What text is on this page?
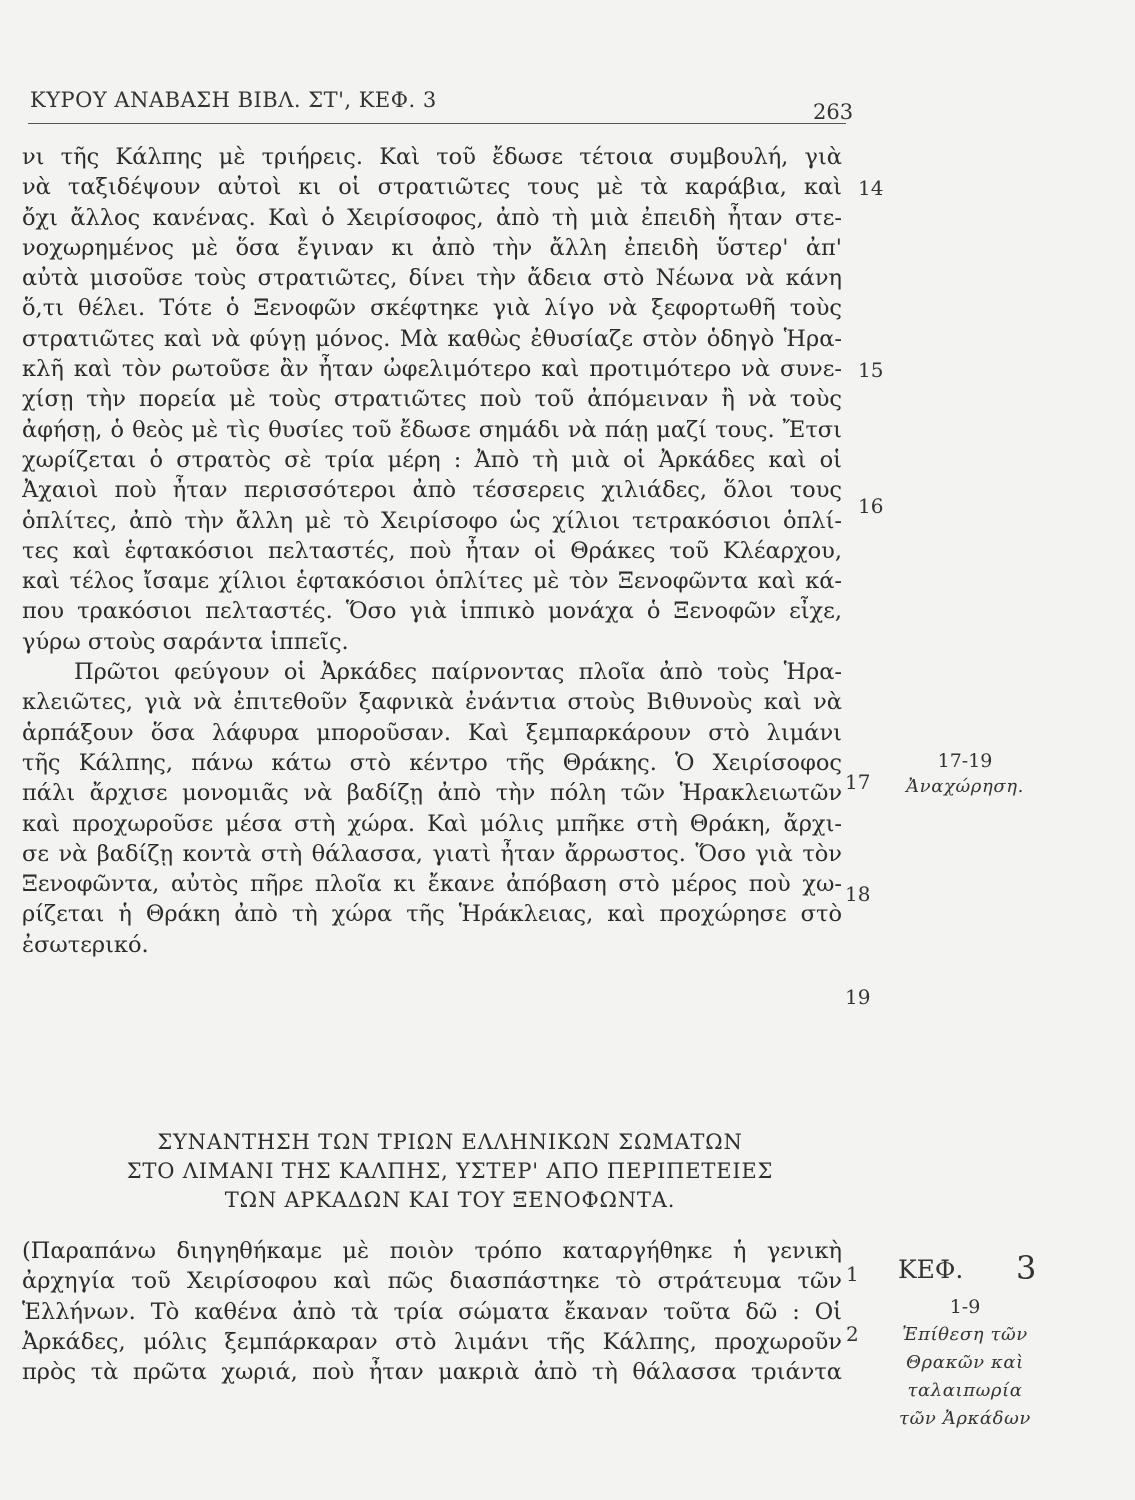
ΚΥΡΟΥ ΑΝΑΒΑΣΗ ΒΙΒΛ. ΣΤ', ΚΕΦ. 3	263
νι τῆς Κάλπης μὲ τριήρεις. Καὶ τοῦ ἔδωσε τέτοια συμβουλή, γιὰ
νὰ ταξιδέψουν αὐτοὶ κι οἱ στρατιῶτες τους μὲ τὰ καράβια, καὶ
ὄχι ἄλλος κανένας. Καὶ ὁ Χειρίσοφος, ἀπὸ τὴ μιὰ ἐπειδὴ ἦταν στε-
νοχωρημένος μὲ ὅσα ἔγιναν κι ἀπὸ τὴν ἄλλη ἐπειδὴ ὕστερ' ἀπ'
αὐτὰ μισοῦσε τοὺς στρατιῶτες, δίνει τὴν ἄδεια στὸ Νέωνα νὰ κάνη
ὅ,τι θέλει. Τότε ὁ Ξενοφῶν σκέφτηκε γιὰ λίγο νὰ ξεφορτωθῆ τοὺς
στρατιῶτες καὶ νὰ φύγῃ μόνος. Μὰ καθὼς ἐθυσίαζε στὸν ὁδηγὸ Ἡρα-
κλῆ καὶ τὸν ρωτοῦσε ἂν ἦταν ὠφελιμότερο καὶ προτιμότερο νὰ συνε-
χίσῃ τὴν πορεία μὲ τοὺς στρατιῶτες ποὺ τοῦ ἀπόμειναν ἢ νὰ τοὺς
ἀφήσῃ, ὁ θεὸς μὲ τὶς θυσίες τοῦ ἔδωσε σημάδι νὰ πάῃ μαζί τους. Ἔτσι
χωρίζεται ὁ στρατὸς σὲ τρία μέρη : Ἀπὸ τὴ μιὰ οἱ Ἀρκάδες καὶ οἱ
Ἀχαιοὶ ποὺ ἦταν περισσότεροι ἀπὸ τέσσερεις χιλιάδες, ὅλοι τους
ὁπλίτες, ἀπὸ τὴν ἄλλη μὲ τὸ Χειρίσοφο ὡς χίλιοι τετρακόσιοι ὁπλί-
τες καὶ ἑφτακόσιοι πελταστές, ποὺ ἦταν οἱ Θράκες τοῦ Κλέαρχου,
καὶ τέλος ἴσαμε χίλιοι ἑφτακόσιοι ὁπλίτες μὲ τὸν Ξενοφῶντα καὶ κά-
που τρακόσιοι πελταστές. Ὅσο γιὰ ἱππικὸ μονάχα ὁ Ξενοφῶν εἶχε,
γύρω στοὺς σαράντα ἱππεῖς.
Πρῶτοι φεύγουν οἱ Ἀρκάδες παίρνοντας πλοῖα ἀπὸ τοὺς Ἡρα-
κλειῶτες, γιὰ νὰ ἐπιτεθοῦν ξαφνικὰ ἐνάντια στοὺς Βιθυνοὺς καὶ νὰ
ἁρπάξουν ὅσα λάφυρα μποροῦσαν. Καὶ ξεμπαρκάρουν στὸ λιμάνι
τῆς Κάλπης, πάνω κάτω στὸ κέντρο τῆς Θράκης. Ὁ Χειρίσοφος
πάλι ἄρχισε μονομιᾶς νὰ βαδίζῃ ἀπὸ τὴν πόλη τῶν Ἡρακλειωτῶν
καὶ προχωροῦσε μέσα στὴ χώρα. Καὶ μόλις μπῆκε στὴ Θράκη, ἄρχι-
σε νὰ βαδίζῃ κοντὰ στὴ θάλασσα, γιατὶ ἦταν ἄρρωστος. Ὅσο γιὰ τὸν
Ξενοφῶντα, αὐτὸς πῆρε πλοῖα κι ἔκανε ἀπόβαση στὸ μέρος ποὺ χω-
ρίζεται ἡ Θράκη ἀπὸ τὴ χώρα τῆς Ἡράκλειας, καὶ προχώρησε στὸ
ἐσωτερικό.
14
15
16
17
18
19
17-19
Ἀναχώρηση.
ΣΥΝΑΝΤΗΣΗ ΤΩΝ ΤΡΙΩΝ ΕΛΛΗΝΙΚΩΝ ΣΩΜΑΤΩΝ
ΣΤΟ ΛΙΜΑΝΙ ΤΗΣ ΚΑΛΠΗΣ, ΥΣΤΕΡ' ΑΠΟ ΠΕΡΙΠΕΤΕΙΕΣ
ΤΩΝ ΑΡΚΑΔΩΝ ΚΑΙ ΤΟΥ ΞΕΝΟΦΩΝΤΑ.
(Παραπάνω διηγηθήκαμε μὲ ποιὸν τρόπο καταργήθηκε ἡ γενικὴ
ἀρχηγία τοῦ Χειρίσοφου καὶ πῶς διασπάστηκε τὸ στράτευμα τῶν
Ἑλλήνων. Τὸ καθένα ἀπὸ τὰ τρία σώματα ἔκαναν τοῦτα δῶ : Οἱ
Ἀρκάδες, μόλις ξεμπάρκαραν στὸ λιμάνι τῆς Κάλπης, προχωροῦν
πρὸς τὰ πρῶτα χωριά, ποὺ ἦταν μακριὰ ἀπὸ τὴ θάλασσα τριάντα
1
2
ΚΕΦ. 3
1-9
Ἐπίθεση τῶν
Θρακῶν καὶ
ταλαιπωρία
τῶν Ἀρκάδων
